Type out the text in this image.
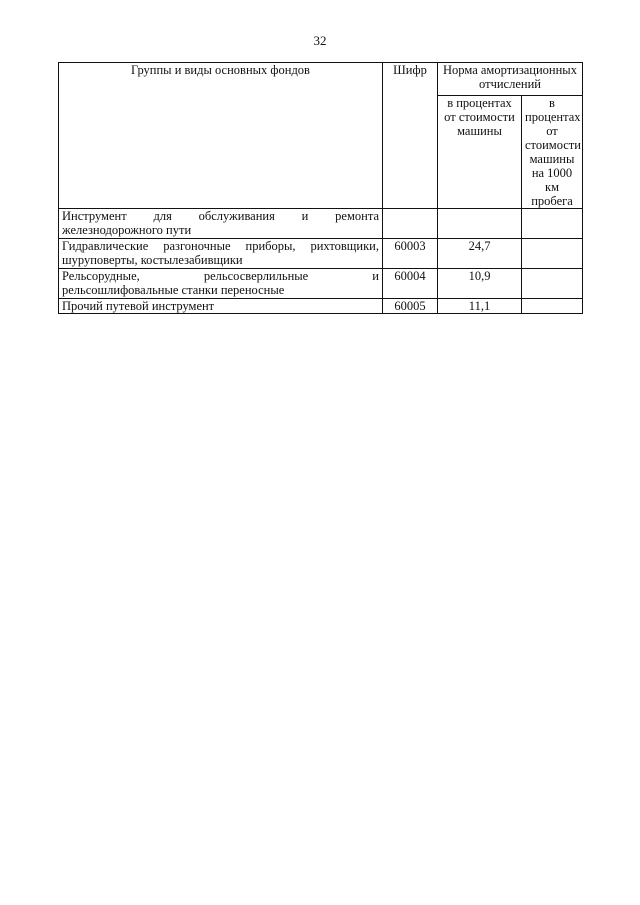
32
Группы и виды основных фондов	Шифр	Норма амортизационных отчислений	
		в процентах от стоимости машины	в процентах от стоимости машины на 1000 км пробега

Инструмент для обслуживания и ремонта
железнодорожного пути			

Гидравлические разгоночные приборы, рихтовщики,
шуруповерты, костылезабивщики	60003	24,7	

Рельсорудные, рельсосверлильные и
рельсошлифовальные станки переносные	60004	10,9	

Прочий путевой инструмент	60005	11,1	
